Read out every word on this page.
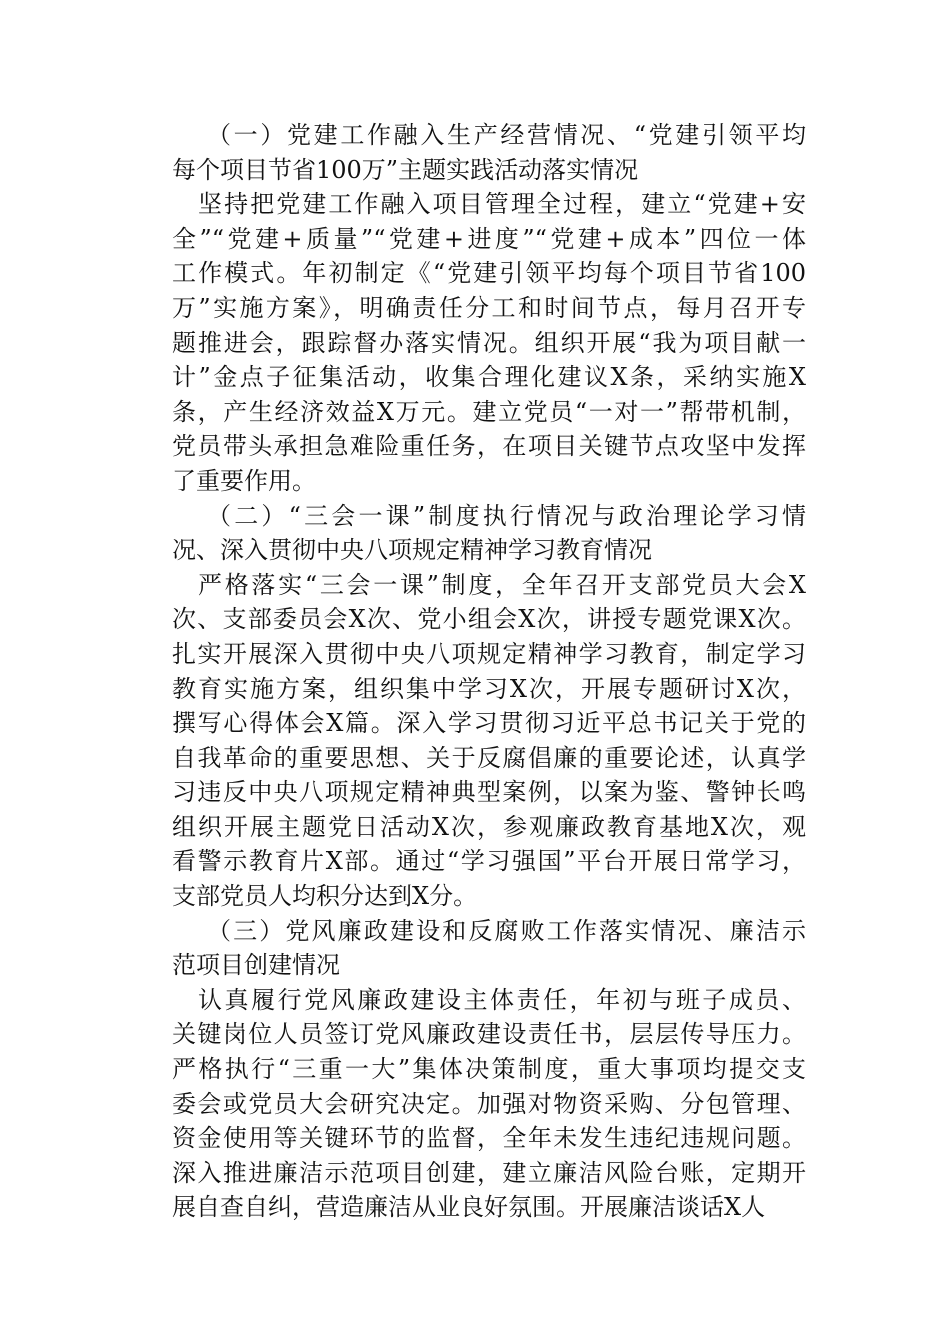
（一）党建工作融入生产经营情况、“党建引领平均
每个项目节省100万”主题实践活动落实情况
坚持把党建工作融入项目管理全过程，建立“党建+安
全”“党建+质量”“党建+进度”“党建+成本”四位一体
工作模式。年初制定《“党建引领平均每个项目节省100
万”实施方案》，明确责任分工和时间节点，每月召开专
题推进会，跟踪督办落实情况。组织开展“我为项目献一
计”金点子征集活动，收集合理化建议X条，采纳实施X
条，产生经济效益X万元。建立党员“一对一”帮带机制，
党员带头承担急难险重任务，在项目关键节点攻坚中发挥
了重要作用。
（二）“三会一课”制度执行情况与政治理论学习情
况、深入贯彻中央八项规定精神学习教育情况
严格落实“三会一课”制度，全年召开支部党员大会X
次、支部委员会X次、党小组会X次，讲授专题党课X次。
扎实开展深入贯彻中央八项规定精神学习教育，制定学习
教育实施方案，组织集中学习X次，开展专题研讨X次，
撰写心得体会X篇。深入学习贯彻习近平总书记关于党的
自我革命的重要思想、关于反腐倡廉的重要论述，认真学
习违反中央八项规定精神典型案例，以案为鉴、警钟长鸣
组织开展主题党日活动X次，参观廉政教育基地X次，观
看警示教育片X部。通过“学习强国”平台开展日常学习，
支部党员人均积分达到X分。
（三）党风廉政建设和反腐败工作落实情况、廉洁示
范项目创建情况
认真履行党风廉政建设主体责任，年初与班子成员、
关键岗位人员签订党风廉政建设责任书，层层传导压力。
严格执行“三重一大”集体决策制度，重大事项均提交支
委会或党员大会研究决定。加强对物资采购、分包管理、
资金使用等关键环节的监督，全年未发生违纪违规问题。
深入推进廉洁示范项目创建，建立廉洁风险台账，定期开
展自查自纠，营造廉洁从业良好氛围。开展廉洁谈话X人
